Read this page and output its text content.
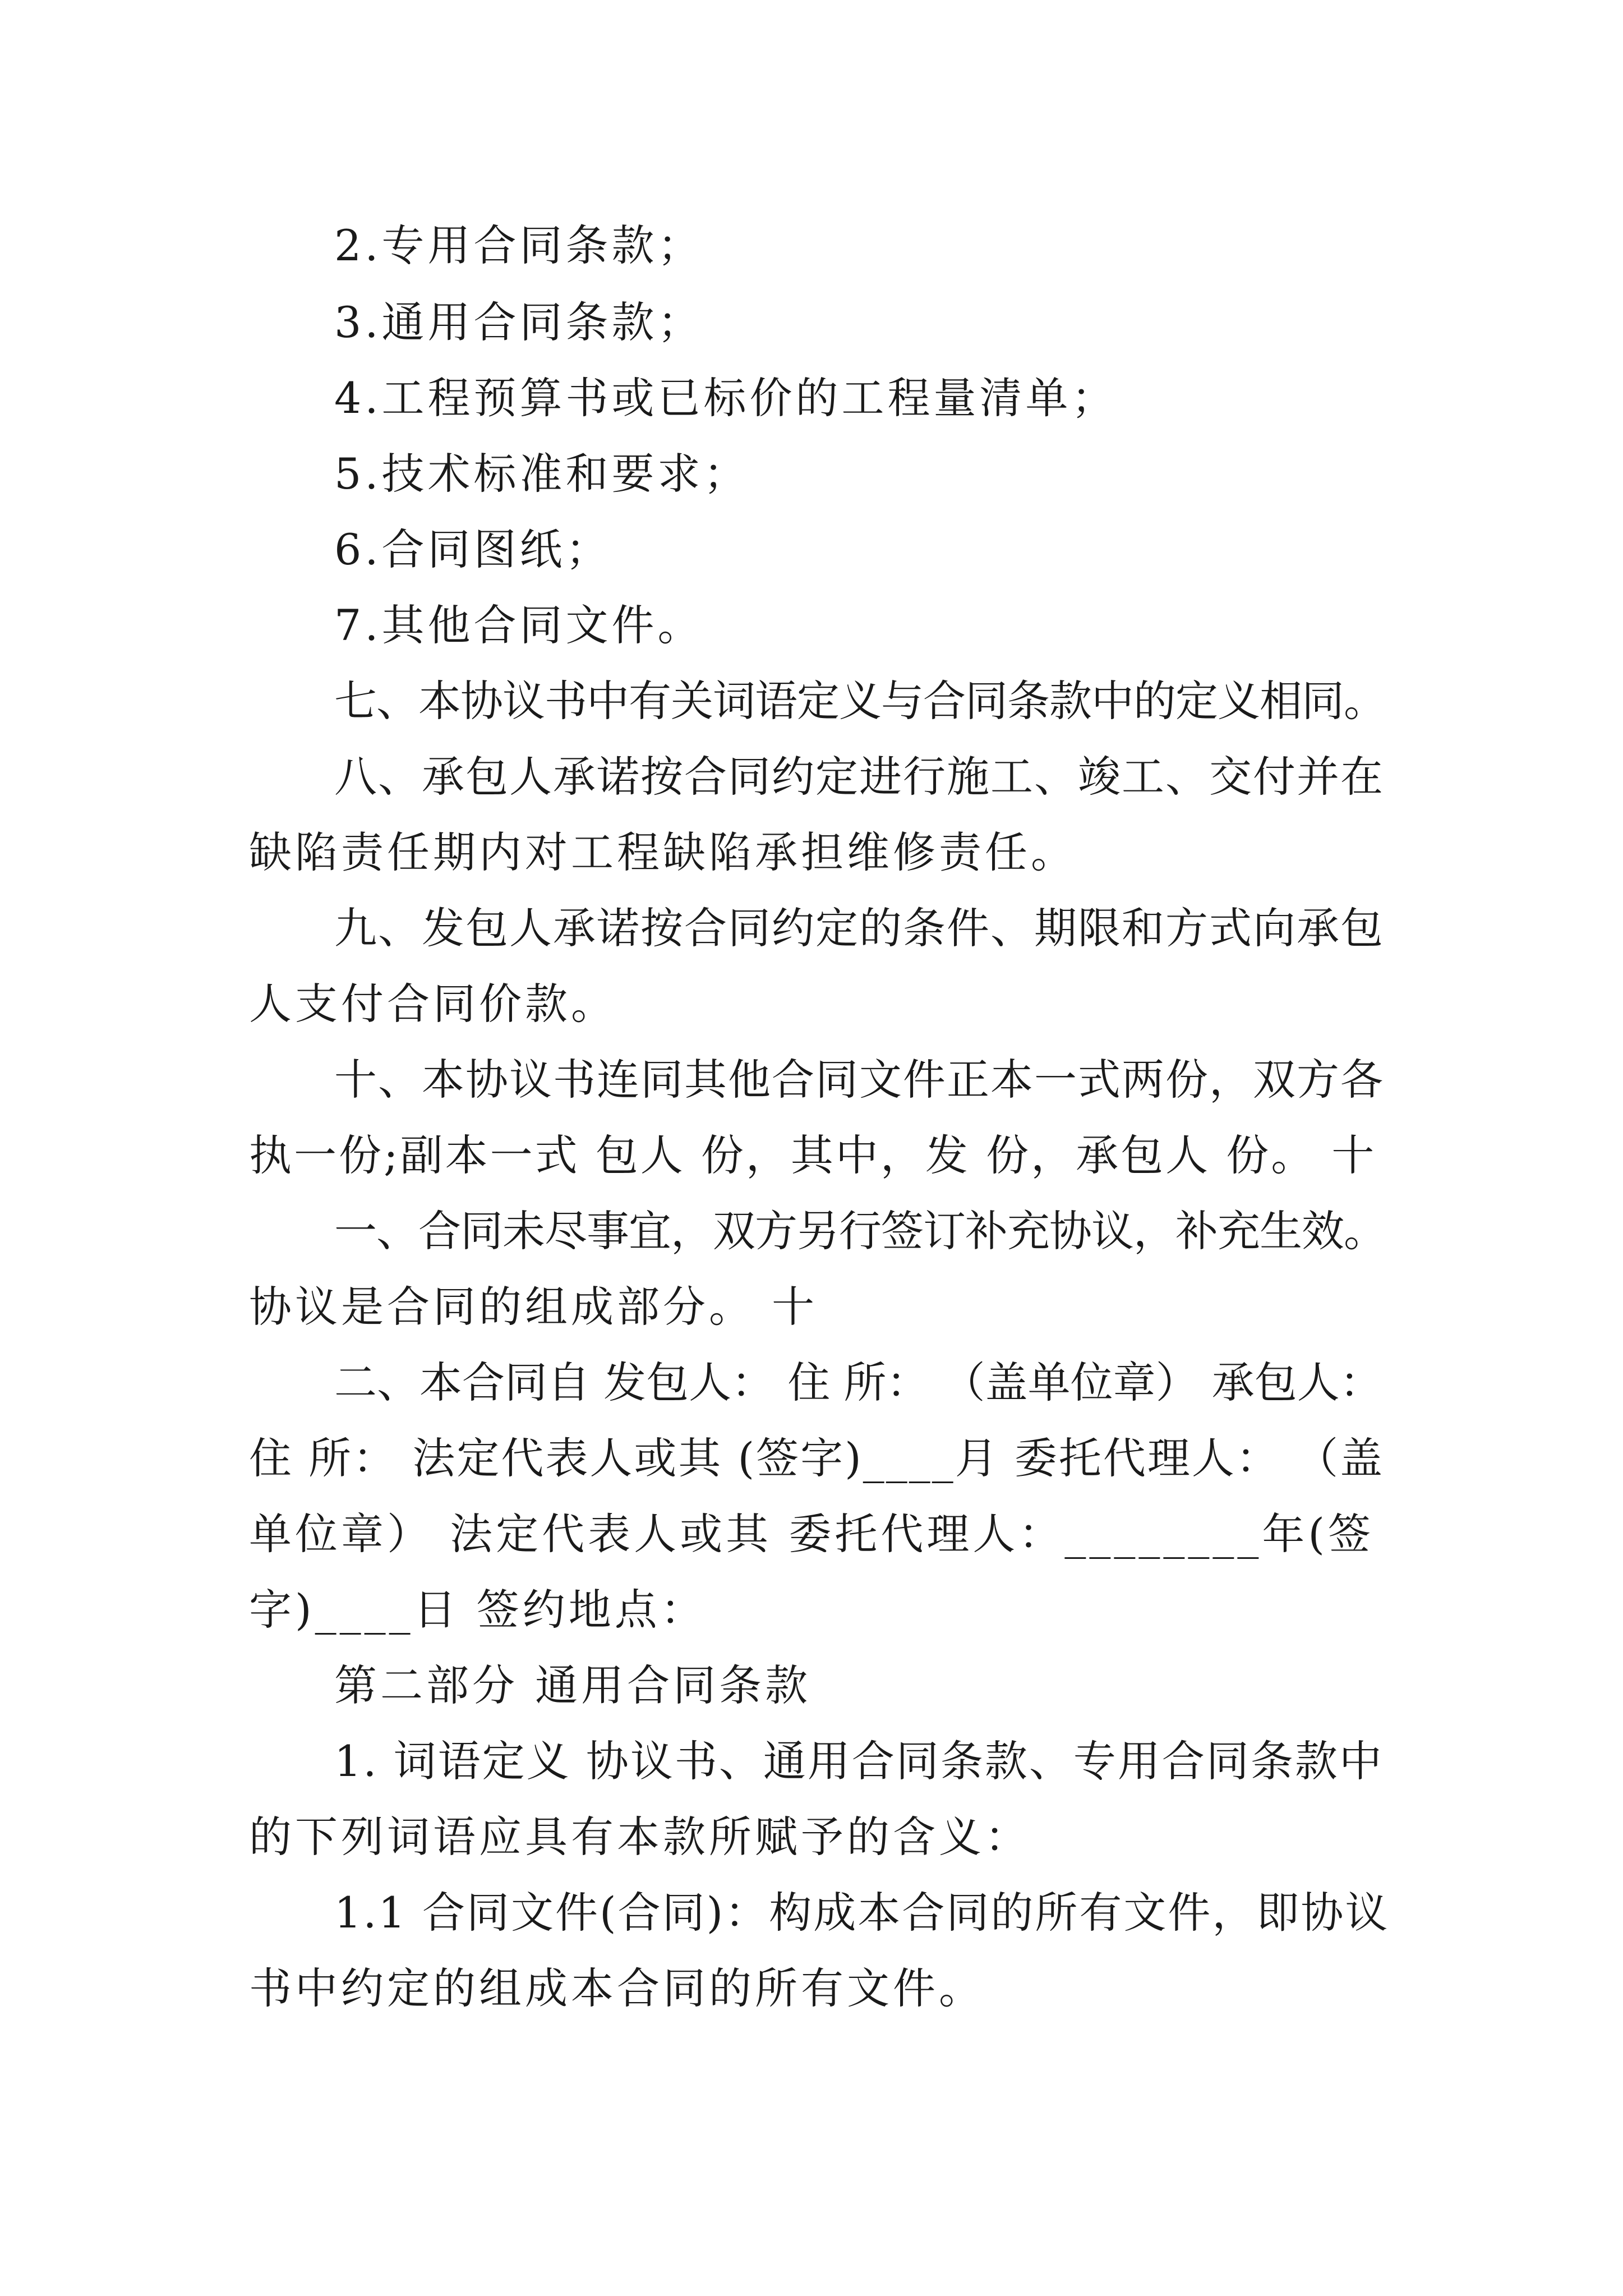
2.专用合同条款；
3.通用合同条款；
4.工程预算书或已标价的工程量清单；
5.技术标准和要求；
6.合同图纸；
7.其他合同文件。
七、本协议书中有关词语定义与合同条款中的定义相同。
八、承包人承诺按合同约定进行施工、竣工、交付并在
缺陷责任期内对工程缺陷承担维修责任。
九、发包人承诺按合同约定的条件、期限和方式向承包
人支付合同价款。
十、本协议书连同其他合同文件正本一式两份，双方各
执一份;副本一式 包人 份，其中，发 份，承包人 份。 十
一、合同未尽事宜，双方另行签订补充协议，补充生效。
协议是合同的组成部分。 十
二、本合同自 发包人： 住 所： （盖单位章） 承包人：
住 所： 法定代表人或其 (签字)____月 委托代理人： （盖
单位章） 法定代表人或其 委托代理人：________年(签
字)____日 签约地点：
第二部分 通用合同条款
1. 词语定义 协议书、通用合同条款、专用合同条款中
的下列词语应具有本款所赋予的含义：
1.1 合同文件(合同)：构成本合同的所有文件，即协议
书中约定的组成本合同的所有文件。
